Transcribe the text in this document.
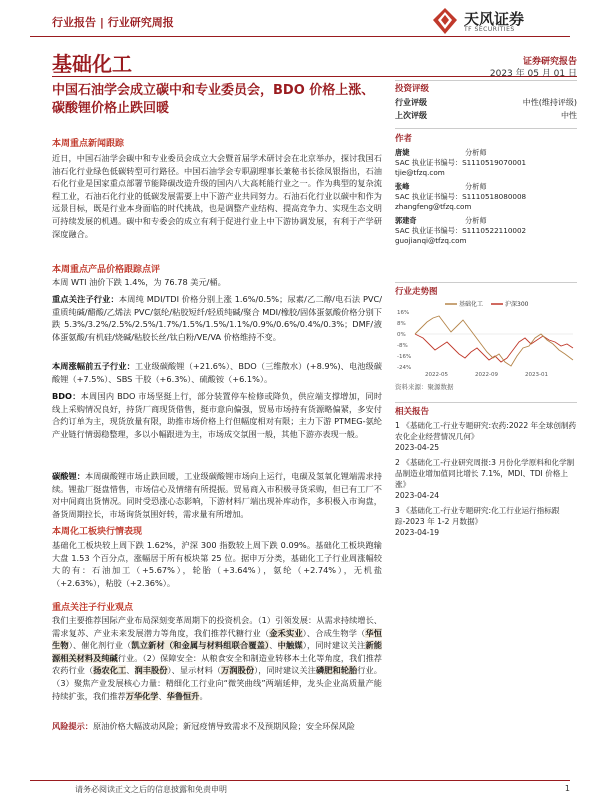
行业报告 | 行业研究周报	天风证券
TF SECURITIES
基础化工	证券研究报告
2023 年 05 月 01 日
中国石油学会成立碳中和专业委员会，BDO 价格上涨、碳酸锂价格止跌回暖
本周重点新闻跟踪
近日，中国石油学会碳中和专业委员会成立大会暨首届学术研讨会在北京举办，探讨我国石油石化行业绿色低碳转型可行路径。中国石油学会专职副理事长兼秘书长徐凤银指出，石油石化行业是国家重点部署节能降碳改造升级的国内八大高耗能行业之一。作为典型的复杂流程工业，石油石化行业的低碳发展需要上中下游产业共同努力。石油石化行业以碳中和作为远景目标，既是行业本身面临的时代挑战，也是调整产业结构、提高竞争力、实现生态文明可持续发展的机遇。碳中和专委会的成立有利于促进行业上中下游协调发展，有利于产学研深度融合。
本周重点产品价格跟踪点评
本周 WTI 油价下跌 1.4%，为 76.78 美元/桶。
重点关注子行业：本周纯 MDI/TDI 价格分别上涨 1.6%/0.5%；尿素/乙二醇/电石法 PVC/重质纯碱/醋酸/乙烯法 PVC/氨纶/粘胶短纤/轻质纯碱/聚合 MDI/橡胶/固体蛋氨酸价格分别下跌 5.3%/3.2%/2.5%/2.5%/1.7%/1.5%/1.5%/1.1%/0.9%/0.6%/0.4%/0.3%；DMF/液体蛋氨酸/有机硅/烧碱/粘胶长丝/钛白粉/VE/VA 价格维持不变。
本周涨幅前五子行业：工业级碳酸锂（+21.6%）、BDO（三维散水）(+8.9%)、电池级碳酸锂（+7.5%）、SBS 干胶（+6.3%）、硫酸铵（+6.1%）。
BDO：本周国内 BDO 市场坚挺上行，部分装置停车检修或降负，供应端支撑增加，同时线上采购情况良好，持货厂商现货借售，挺市意向偏强，贸易市场持有货源略偏紧，多安付合约订单为主，现货放量有限，助推市场价格上行但幅度相对有限；主力下游 PTMEG-氨纶产业链行情弱稳整理，多以小幅跟进为主，市场成交氛围一般，其他下游亦表现一般。
碳酸锂：本周碳酸锂市场止跌回暖，工业级碳酸锂市场向上运行，电碳及氢氧化锂端需求持续。锂盐厂挺盘惜售，市场信心及情绪有所提振。贸易商入市积极寻货采购，但已有工厂不对中间商出货情况。同时受恐涨心态影响，下游材料厂端出现补库动作，多积极入市询盘，备货周期拉长，市场询货氛围好转，需求量有所增加。
本周化工板块行情表现
基础化工板块较上周下跌 1.62%，沪深 300 指数较上周下跌 0.09%。基础化工板块跑输大盘 1.53 个百分点，涨幅居于所有板块第 25 位。据申万分类，基础化工子行业周涨幅较大的有：石油加工（+5.67%），轮胎（+3.64%），氨纶（+2.74%），无机盐（+2.63%），粘胶（+2.36%）。
重点关注子行业观点
我们主要推荐国际产业布局深刻变革周期下的投资机会。（1）引领发展：从需求持续增长、需求复苏、产业未来发展潜力等角度，我们推荐代糖行业（金禾实业）、合成生物学（华恒生物）、催化剂行业（凯立新材（和金属与材料组联合覆盖）、中触媒），同时建议关注新能源相关材料及纯碱行业。（2）保障安全：从粮食安全和制造业转移本土化等角度，我们推荐农药行业（扬农化工、润丰股份）、显示材料（万润股份），同时建议关注磷肥和轮胎行业。（3）聚焦产业发展核心力量：精细化工行业向“微笑曲线”两端延伸，龙头企业高质量产能持续扩张，我们推荐万华化学、华鲁恒升。
风险提示：原油价格大幅波动风险；新冠疫情导致需求不及预期风险；安全环保风险
投资评级
行业评级	中性(维持评级)
上次评级	中性
作者
唐婕	分析师
SAC 执业证书编号：S1110519070001
tjie@tfzq.com
张峰	分析师
SAC 执业证书编号：S1110518080008
zhangfeng@tfzq.com
郭建奇	分析师
SAC 执业证书编号：S1110522110002
guojianqi@tfzq.com
行业走势图
基础化工	沪深300
16%
8%
0%
-8%
-16%
-24%
2022-05	2022-09	2023-01
资料来源：聚源数据
相关报告
1 《基础化工-行业专题研究:农药:2022 年全球创制药农化企业经营情况几何》
2023-04-25
2 《基础化工-行业研究周报:3 月份化学原料和化学制品制造业增加值同比增长 7.1%，MDI、TDI 价格上涨》
2023-04-24
3 《基础化工-行业专题研究:化工行业运行指标跟踪-2023 年 1-2 月数据》
2023-04-19
请务必阅读正文之后的信息披露和免责申明	1
